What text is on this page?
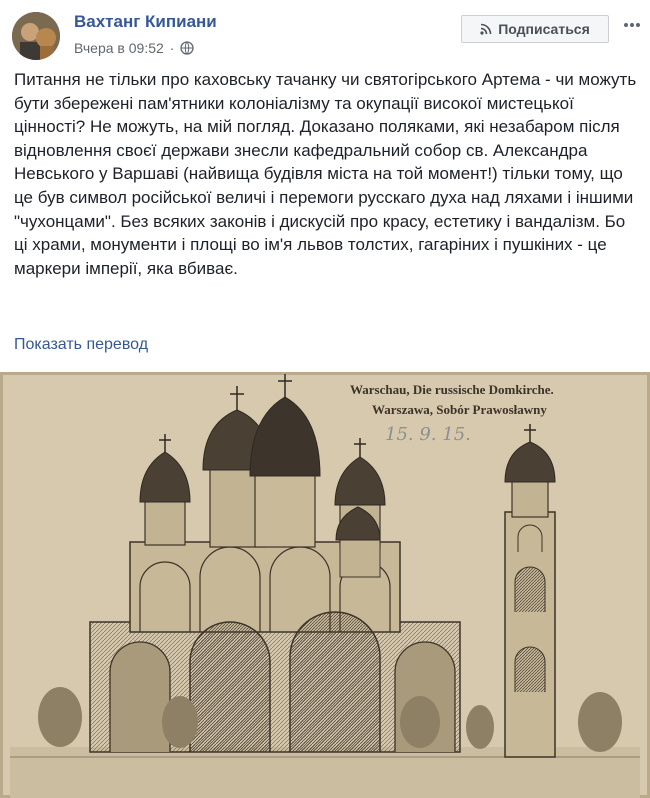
Вахтанг Кипиани
Вчера в 09:52 ·
Подписаться

Питання не тільки про каховську тачанку чи святогірського Артема - чи можуть бути збережені пам'ятники колоніалізму та окупації високої мистецької цінності? Не можуть, на мій погляд. Доказано поляками, які незабаром після відновлення своєї держави знесли кафедральний собор св. Александра Невського у Варшаві (найвища будівля міста на той момент!) тільки тому, що це був символ російської величі і перемоги русскаго духа над ляхами і іншими "чухонцами". Без всяких законів і дискусій про красу, естетику і вандалізм. Бо ці храми, монументи і площі во ім'я львов толстих, гагаріних і пушкіних - це маркери імперії, яка вбиває.

Показать перевод
Warschau, Die russische Domkirche.
Warszawa, Sobór Prawosławny
15. 9. 15.
